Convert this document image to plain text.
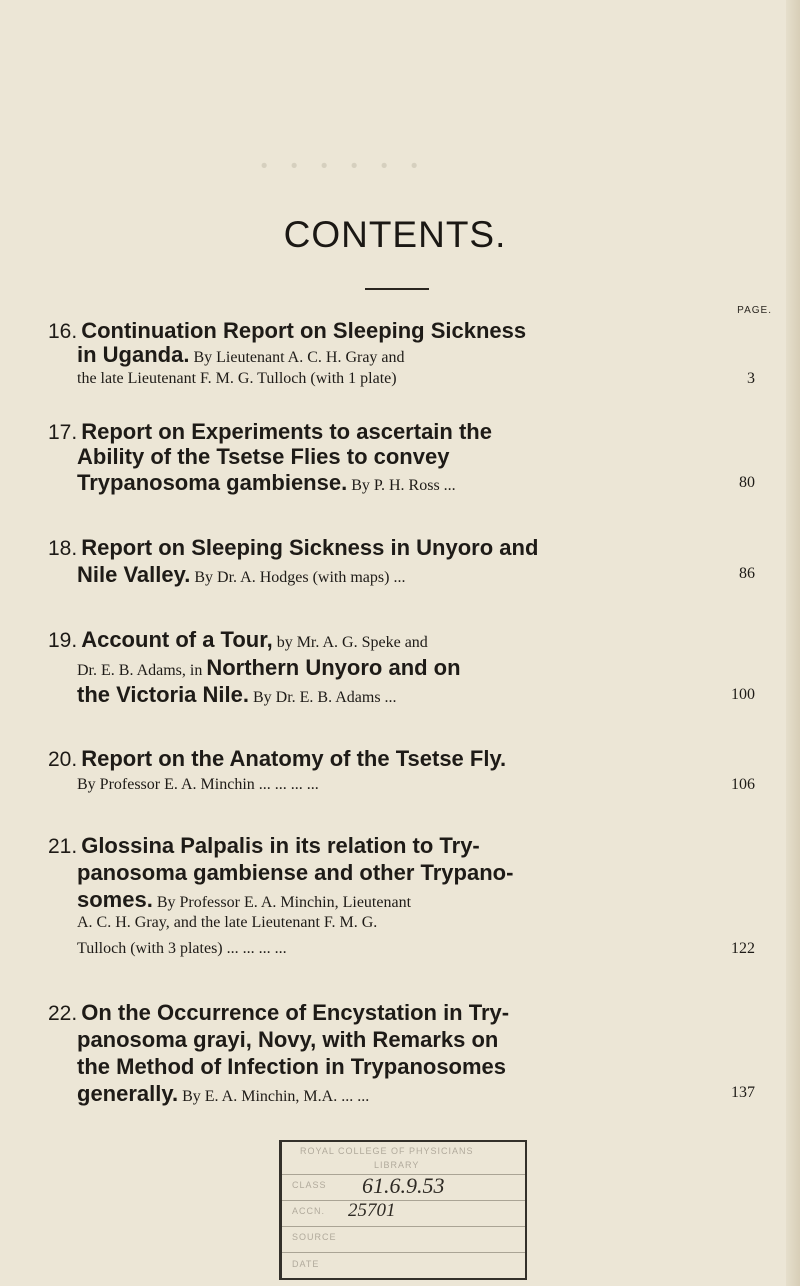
· · · · · ·
CONTENTS.
PAGE.
16. Continuation Report on Sleeping Sickness
in Uganda. By Lieutenant A. C. H. Gray and
the late Lieutenant F. M. G. Tulloch (with 1 plate)	3
17. Report on Experiments to ascertain the
Ability of the Tsetse Flies to convey
Trypanosoma gambiense. By P. H. Ross ...	80
18. Report on Sleeping Sickness in Unyoro and
Nile Valley. By Dr. A. Hodges (with maps) ...	86
19. Account of a Tour, by Mr. A. G. Speke and
Dr. E. B. Adams, in Northern Unyoro and on
the Victoria Nile. By Dr. E. B. Adams ...	100
20. Report on the Anatomy of the Tsetse Fly.
By Professor E. A. Minchin ... ... ... ...	106
21. Glossina Palpalis in its relation to Try-
panosoma gambiense and other Trypano-
somes. By Professor E. A. Minchin, Lieutenant
A. C. H. Gray, and the late Lieutenant F. M. G.
Tulloch (with 3 plates) ... ... ... ...	122
22. On the Occurrence of Encystation in Try-
panosoma grayi, Novy, with Remarks on
the Method of Infection in Trypanosomes
generally. By E. A. Minchin, M.A. ... ...	137
ROYAL COLLEGE OF PHYSICIANS
LIBRARY
CLASS 61.6.9.53
ACCN. 25701
SOURCE
DATE
